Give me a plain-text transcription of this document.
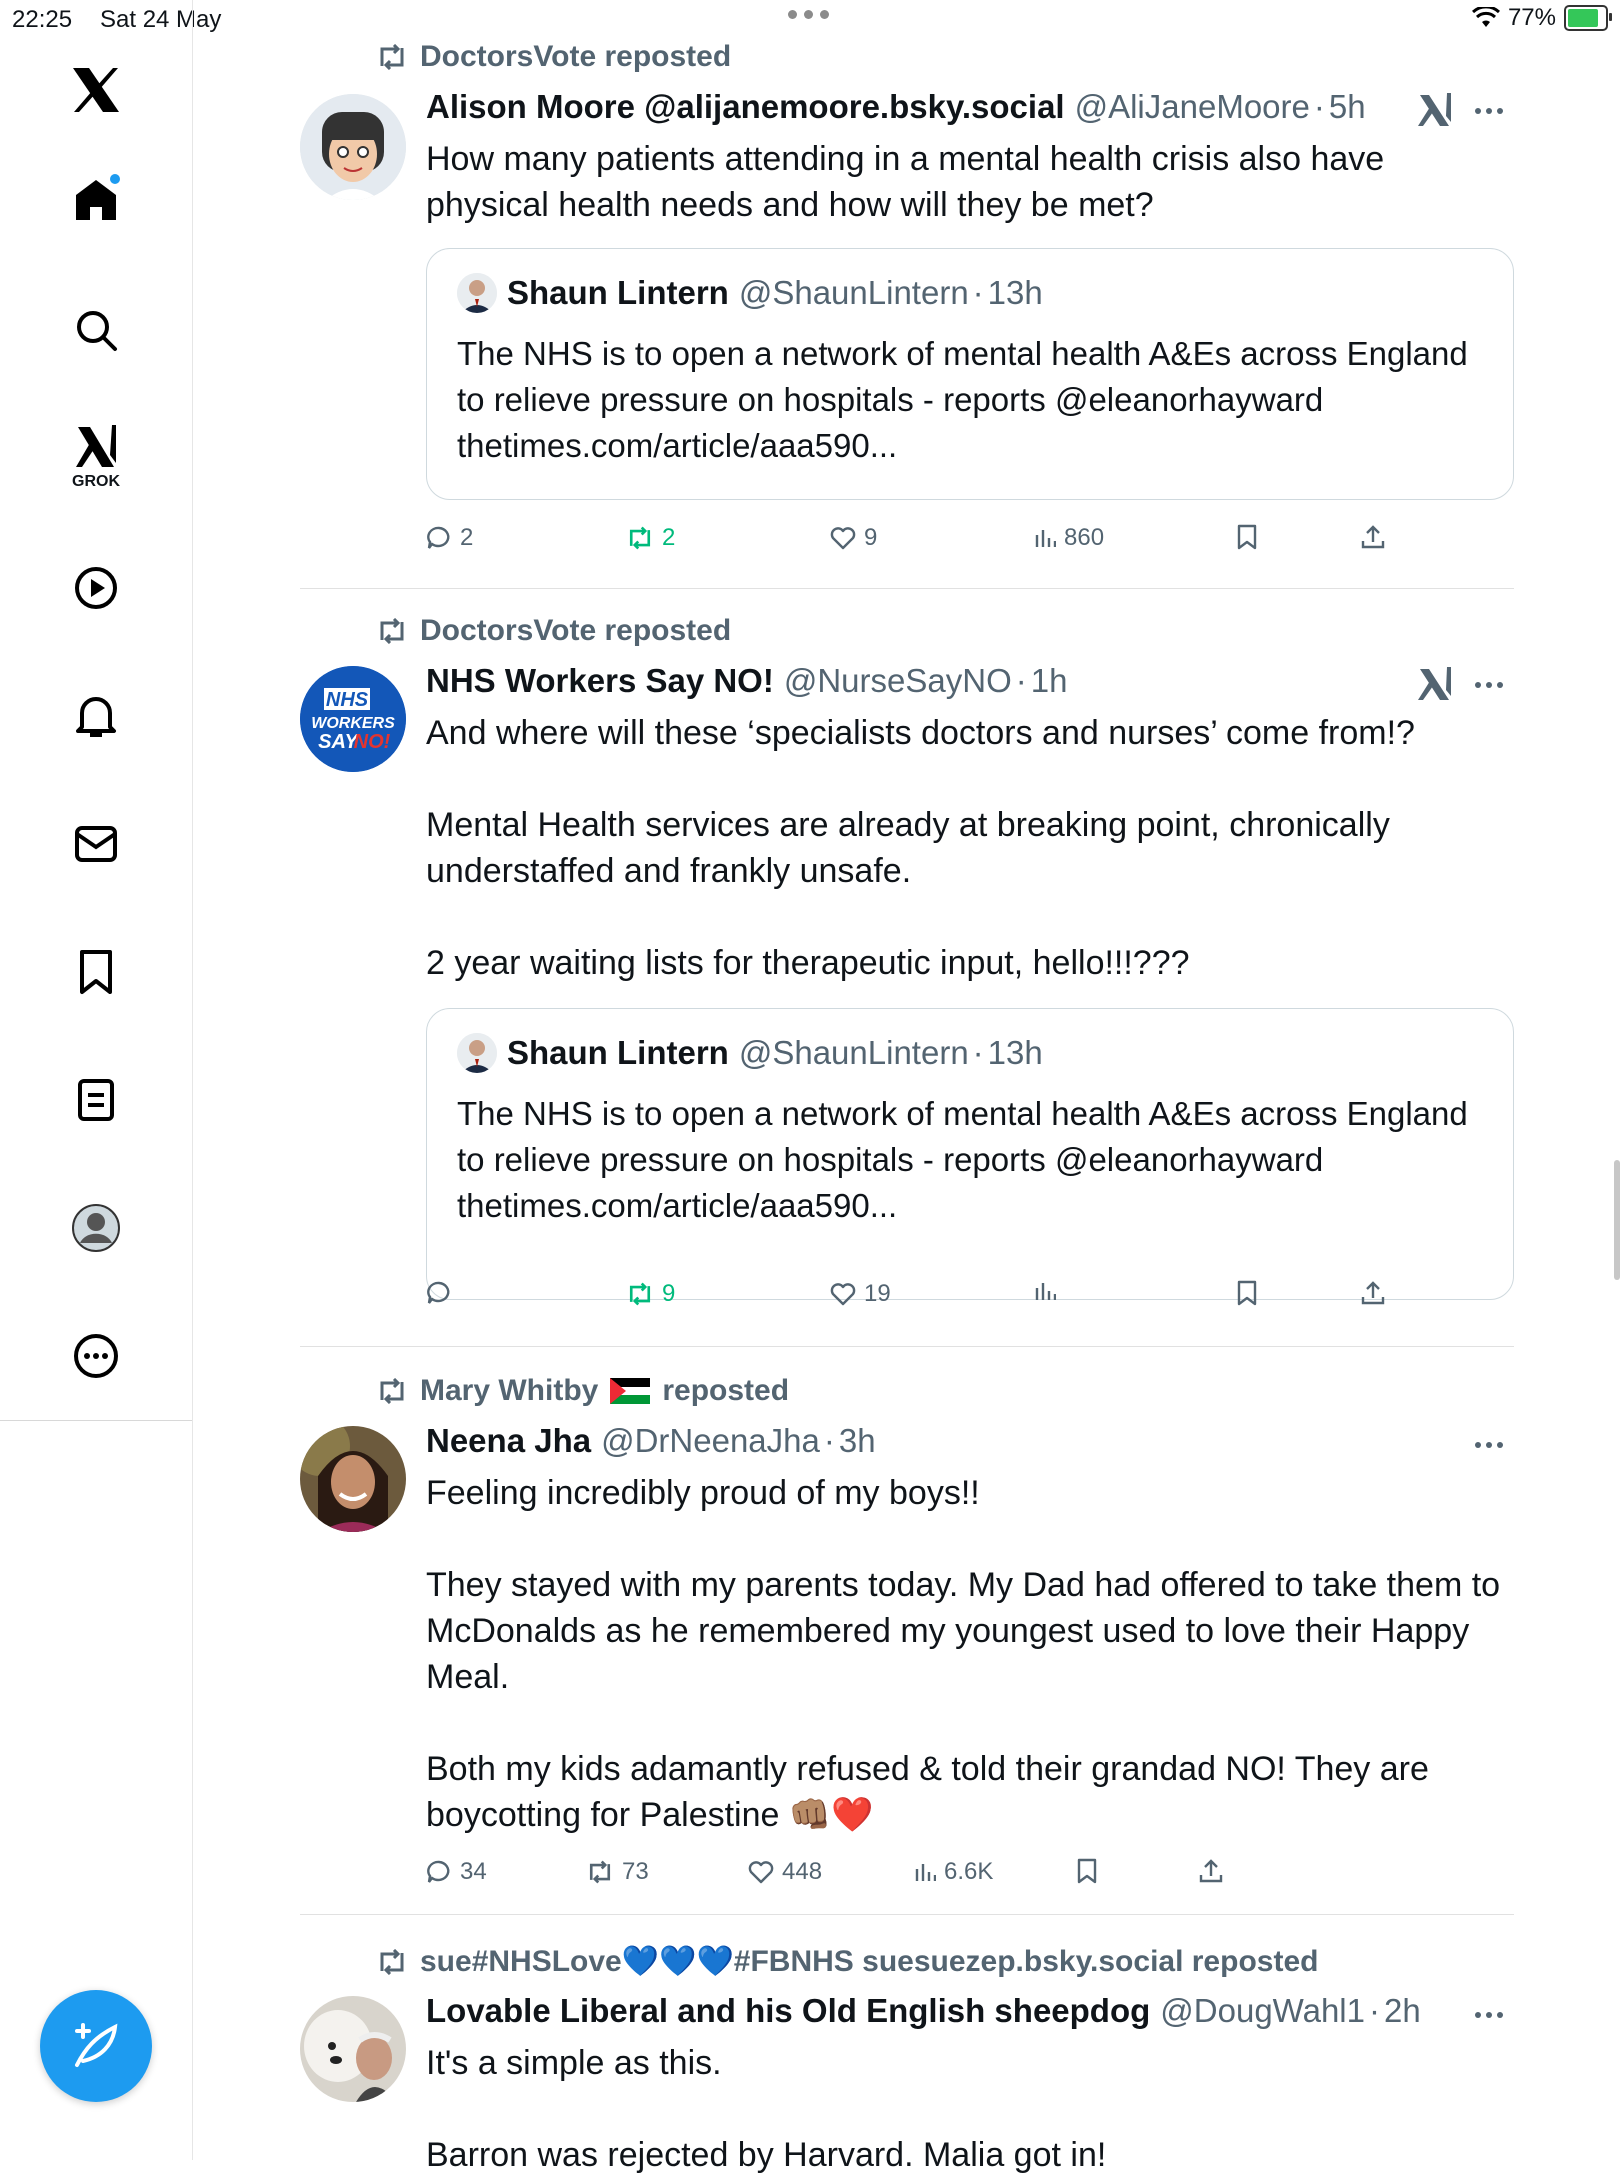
22:25 Sat 24 May	77%
GROK
DoctorsVote reposted
Alison Moore @alijanemoore.bsky.social @AliJaneMoore · 5h
How many patients attending in a mental health crisis also have physical health needs and how will they be met?
Shaun Lintern @ShaunLintern · 13h
The NHS is to open a network of mental health A&Es across England to relieve pressure on hospitals - reports @eleanorhayward thetimes.com/article/aaa590...
2	2	9	860
DoctorsVote reposted
NHS
WORKERS
SAY
NO!
NHS Workers Say NO! @NurseSayNO · 1h
And where will these ‘specialists doctors and nurses’ come from!?

Mental Health services are already at breaking point, chronically understaffed and frankly unsafe.

2 year waiting lists for therapeutic input, hello!!!???
Shaun Lintern @ShaunLintern · 13h
The NHS is to open a network of mental health A&Es across England to relieve pressure on hospitals - reports @eleanorhayward thetimes.com/article/aaa590...
9	19
Mary Whitby reposted
Neena Jha @DrNeenaJha · 3h
Feeling incredibly proud of my boys!!

They stayed with my parents today. My Dad had offered to take them to McDonalds as he remembered my youngest used to love their Happy Meal.

Both my kids adamantly refused & told their grandad NO! They are boycotting for Palestine 👊🏽❤️
34	73	448	6.6K
sue#NHSLove💙💙💙#FBNHS suesuezep.bsky.social reposted
Lovable Liberal and his Old English sheepdog @DougWahl1 · 2h
It's a simple as this.

Barron was rejected by Harvard. Malia got in!
